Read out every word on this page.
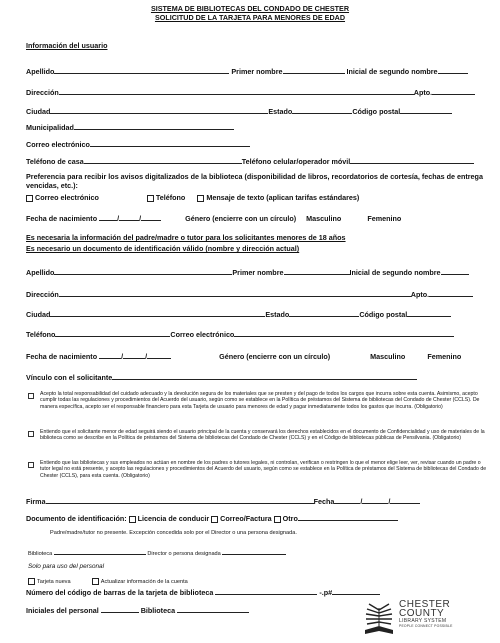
SISTEMA DE BIBLIOTECAS DEL CONDADO DE CHESTER
SOLICITUD DE LA TARJETA PARA MENORES DE EDAD
Información del usuario
Apellido	Primer nombre	Inicial de segundo nombre
Dirección	Apto.
Ciudad	Estado	Código postal
Municipalidad
Correo electrónico
Teléfono de casa	Teléfono celular/operador móvil
Preferencia para recibir los avisos digitalizados de la biblioteca (disponibilidad de libros, recordatorios de cortesía, fechas de entrega vencidas, etc.):
Correo electrónico	Teléfono	Mensaje de texto (aplican tarifas estándares)
Fecha de nacimiento	/	/	Género (encierre con un círculo) Masculino	Femenino
Es necesaria la información del padre/madre o tutor para los solicitantes menores de 18 años
Es necesario un documento de identificación válido (nombre y dirección actual)
Apellido	Primer nombre	Inicial de segundo nombre
Dirección	Apto.
Ciudad	Estado	Código postal
Teléfono	Correo electrónico
Fecha de nacimiento	/	/	Género (encierre con un círculo)	Masculino	Femenino
Vínculo con el solicitante
Acepto la total responsabilidad del cuidado adecuado y la devolución segura de los materiales que se presten y del pago de todos los cargos que incurra sobre esta cuenta. Asimismo, acepto cumplir todas las regulaciones y procedimientos del Acuerdo del usuario, según como se establece en la Política de préstamos del Sistema de bibliotecas del Condado de Chester (CCLS). De manera específica, acepto ser el responsable financiero para esta Tarjeta de usuario para menores de edad y pagar inmediatamente todos los gastos que incurra. (Obligatorio)
Entiendo que el solicitante menor de edad seguirá siendo el usuario principal de la cuenta y conservará los derechos establecidos en el documento de Confidencialidad y uso de materiales de la biblioteca como se describe en la Política de préstamos del Sistema de bibliotecas del Condado de Chester (CCLS) y en el Código de bibliotecas públicas de Pensilvania. (Obligatorio)
Entiendo que las bibliotecas y sus empleados no actúan en nombre de los padres o tutores legales, ni controlan, verifican o restringen lo que el menor elige leer, ver, revisar cuando un padre o tutor legal no está presente, y acepto las regulaciones y procedimientos del Acuerdo del usuario, según como se establece en la Política de préstamos del Sistema de bibliotecas del Condado de Chester (CCLS), para esta cuenta. (Obligatorio)
Firma	Fecha	/	/
Documento de identificación: Licencia de conducir Correo/Factura Otro
Padre/madre/tutor no presente. Excepción concedida solo por el Director o una persona designada.
Biblioteca	Director o persona designada
Solo para uso del personal
Tarjeta nueva	Actualizar información de la cuenta
Número del código de barras de la tarjeta de biblioteca	-.p#
Iniciales del personal	Biblioteca
CHESTER
COUNTY
LIBRARY SYSTEM
PEOPLE CONNECT POSSIBLE
